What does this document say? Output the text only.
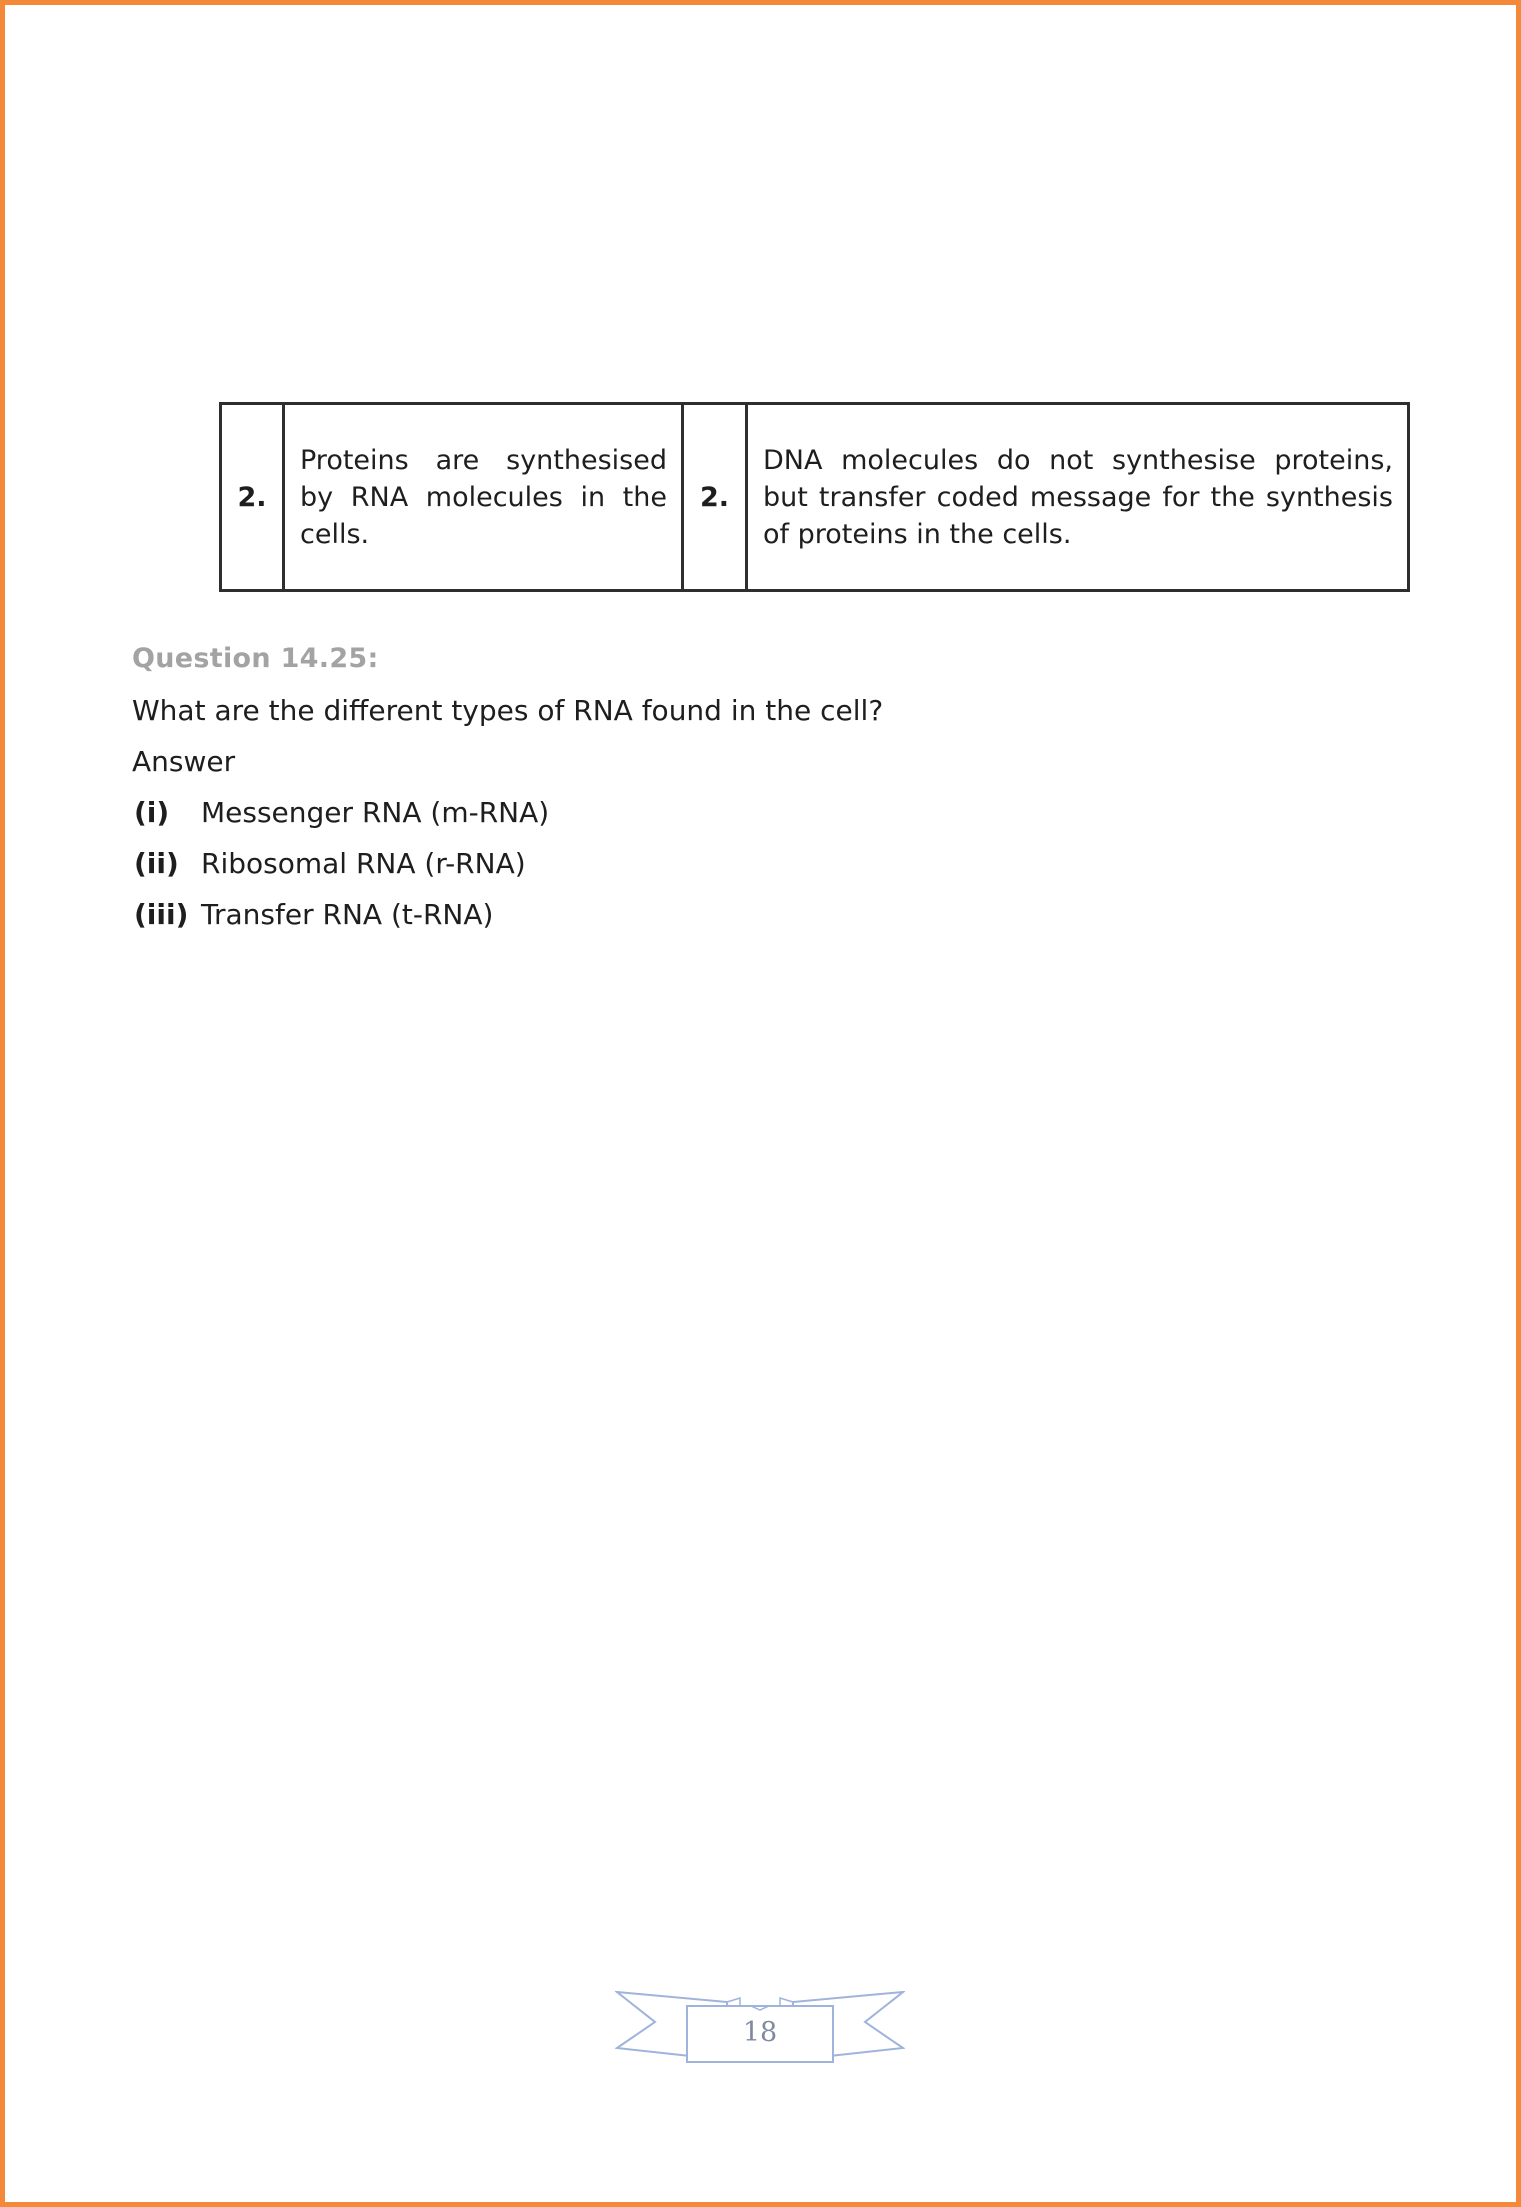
2.	Proteins are synthesised by RNA molecules in the cells.	2.	DNA molecules do not synthesise proteins, but transfer coded message for the synthesis of proteins in the cells.
Question 14.25:
What are the different types of RNA found in the cell?
Answer
(i)	Messenger RNA (m-RNA)
(ii) Ribosomal RNA (r-RNA)
(iii) Transfer RNA (t-RNA)
18
